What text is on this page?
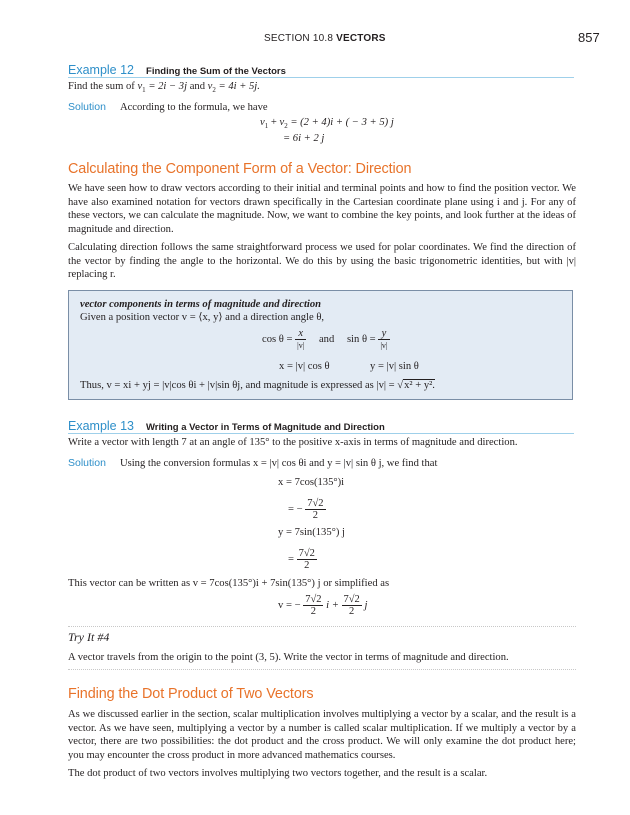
SECTION 10.8 VECTORS	857
Example 12 Finding the Sum of the Vectors
Find the sum of $v_1 = 2i - 3j$ and $v_2 = 4i + 5j$.
Solution According to the formula, we have
$v_1 + v_2 = (2 + 4)i$ + ( − 3 + 5) j
= 6i + 2 j
Calculating the Component Form of a Vector: Direction
We have seen how to draw vectors according to their initial and terminal points and how to find the position vector. We have also examined notation for vectors drawn specifically in the Cartesian coordinate plane using i and j. For any of these vectors, we can calculate the magnitude. Now, we want to combine the key points, and look further at the ideas of magnitude and direction.
Calculating direction follows the same straightforward process we used for polar coordinates. We find the direction of the vector by finding the angle to the horizontal. We do this by using the basic trigonometric identities, but with |v| replacing r.
vector components in terms of magnitude and direction
Given a position vector v = ⟨x, y⟩ and a direction angle θ,
$\cos \theta = \frac{x}{|v|}$ and $\sin \theta = \frac{y}{|v|}$
x = |v| cos θ	y = |v| sin θ
Thus, v = xi + yj = |v|cos θi + |v|sin θj, and magnitude is expressed as |v| = √x² + y².
Example 13 Writing a Vector in Terms of Magnitude and Direction
Write a vector with length 7 at an angle of 135° to the positive x-axis in terms of magnitude and direction.
Solution Using the conversion formulas x = |v| cos θi and y = |v| sin θ j, we find that
x = 7cos(135°)i
= − $\frac{7√2}{2}$
y = 7sin(135°) j
= $\frac{7√2}{2}$
This vector can be written as v = 7cos(135°)i + 7sin(135°) j or simplified as
v = − $\frac{7√2}{2}$ $i + \frac{7√2}{2}$ j
Try It #4
A vector travels from the origin to the point (3, 5). Write the vector in terms of magnitude and direction.
Finding the Dot Product of Two Vectors
As we discussed earlier in the section, scalar multiplication involves multiplying a vector by a scalar, and the result is a vector. As we have seen, multiplying a vector by a number is called scalar multiplication. If we multiply a vector by a vector, there are two possibilities: the dot product and the cross product. We will only examine the dot product here; you may encounter the cross product in more advanced mathematics courses.
The dot product of two vectors involves multiplying two vectors together, and the result is a scalar.
